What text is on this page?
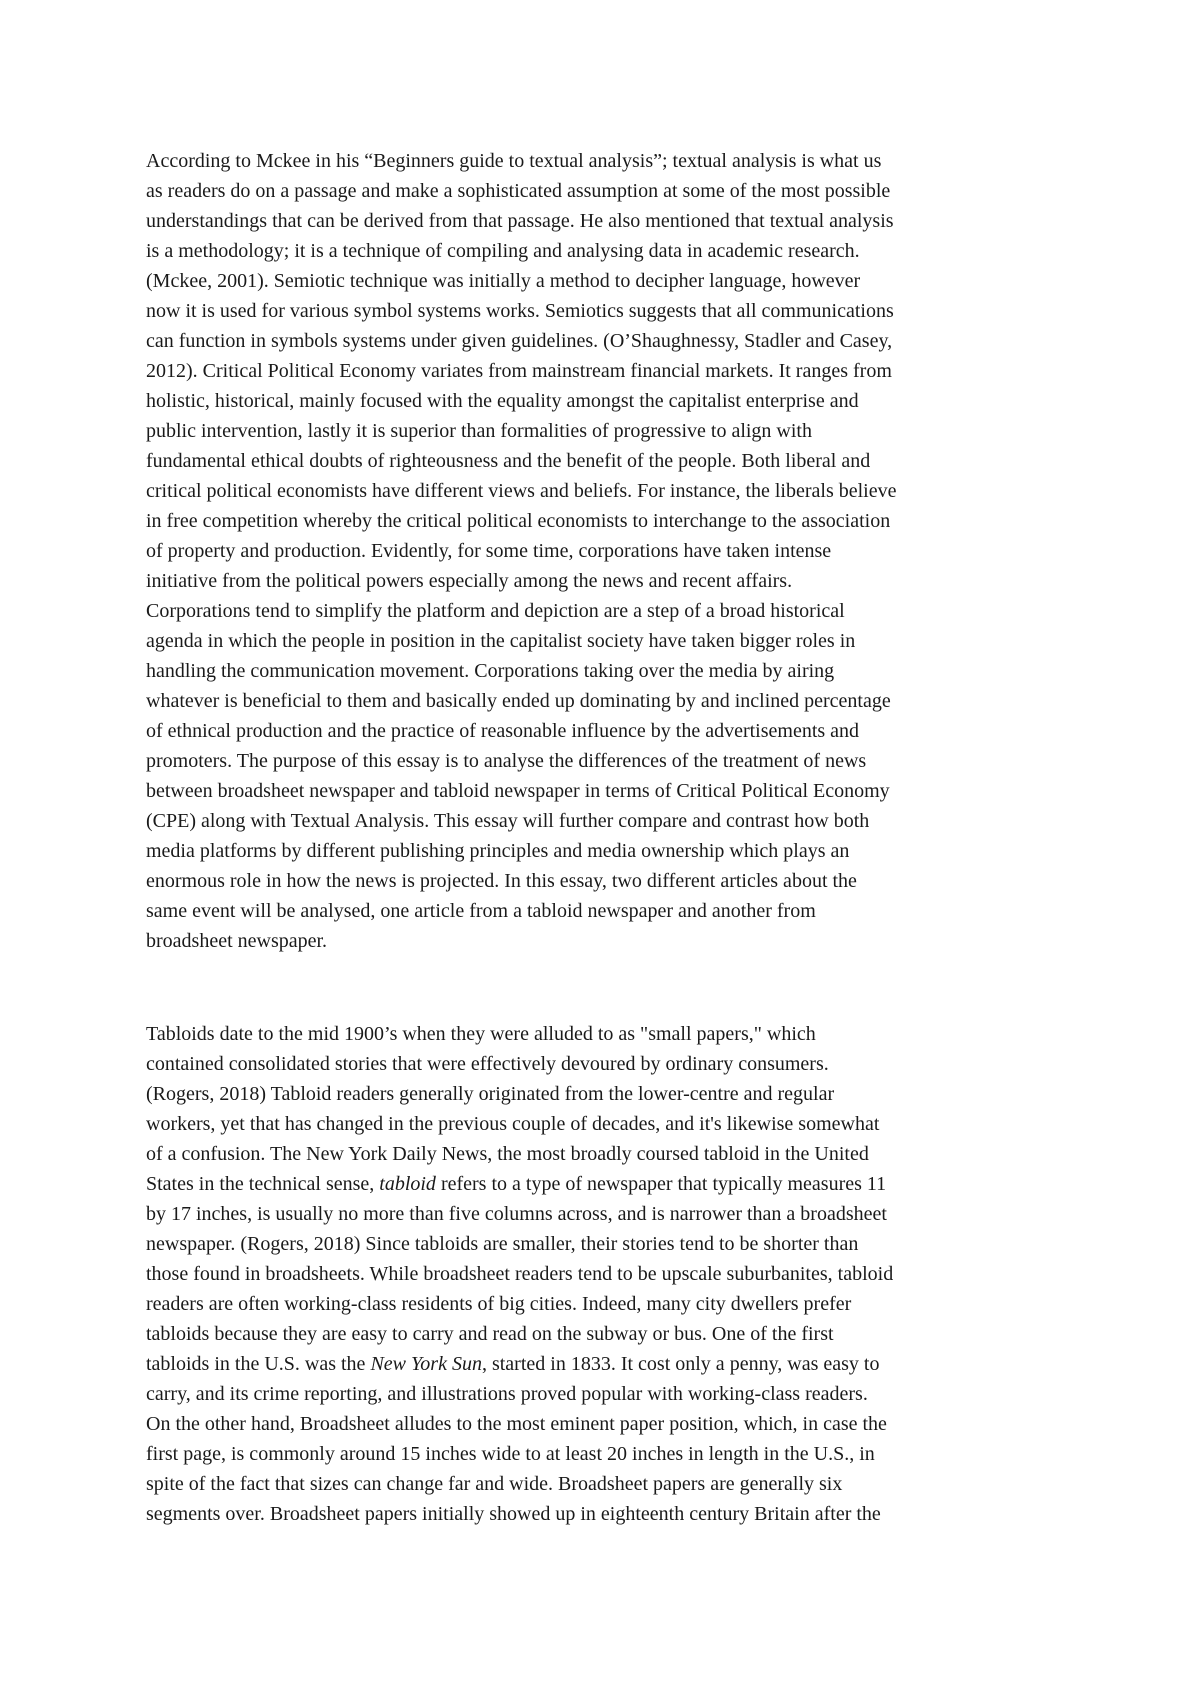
According to Mckee in his “Beginners guide to textual analysis”; textual analysis is what us
as readers do on a passage and make a sophisticated assumption at some of the most possible
understandings that can be derived from that passage. He also mentioned that textual analysis
is a methodology; it is a technique of compiling and analysing data in academic research.
(Mckee, 2001). Semiotic technique was initially a method to decipher language, however
now it is used for various symbol systems works. Semiotics suggests that all communications
can function in symbols systems under given guidelines. (O’Shaughnessy, Stadler and Casey,
2012). Critical Political Economy variates from mainstream financial markets. It ranges from
holistic, historical, mainly focused with the equality amongst the capitalist enterprise and
public intervention, lastly it is superior than formalities of progressive to align with
fundamental ethical doubts of righteousness and the benefit of the people. Both liberal and
critical political economists have different views and beliefs. For instance, the liberals believe
in free competition whereby the critical political economists to interchange to the association
of property and production. Evidently, for some time, corporations have taken intense
initiative from the political powers especially among the news and recent affairs.
Corporations tend to simplify the platform and depiction are a step of a broad historical
agenda in which the people in position in the capitalist society have taken bigger roles in
handling the communication movement. Corporations taking over the media by airing
whatever is beneficial to them and basically ended up dominating by and inclined percentage
of ethnical production and the practice of reasonable influence by the advertisements and
promoters. The purpose of this essay is to analyse the differences of the treatment of news
between broadsheet newspaper and tabloid newspaper in terms of Critical Political Economy
(CPE) along with Textual Analysis. This essay will further compare and contrast how both
media platforms by different publishing principles and media ownership which plays an
enormous role in how the news is projected. In this essay, two different articles about the
same event will be analysed, one article from a tabloid newspaper and another from
broadsheet newspaper.
Tabloids date to the mid 1900’s when they were alluded to as "small papers," which
contained consolidated stories that were effectively devoured by ordinary consumers.
(Rogers, 2018) Tabloid readers generally originated from the lower-centre and regular
workers, yet that has changed in the previous couple of decades, and it's likewise somewhat
of a confusion. The New York Daily News, the most broadly coursed tabloid in the United
States in the technical sense, tabloid refers to a type of newspaper that typically measures 11
by 17 inches, is usually no more than five columns across, and is narrower than a broadsheet
newspaper. (Rogers, 2018) Since tabloids are smaller, their stories tend to be shorter than
those found in broadsheets. While broadsheet readers tend to be upscale suburbanites, tabloid
readers are often working-class residents of big cities. Indeed, many city dwellers prefer
tabloids because they are easy to carry and read on the subway or bus. One of the first
tabloids in the U.S. was the New York Sun, started in 1833. It cost only a penny, was easy to
carry, and its crime reporting, and illustrations proved popular with working-class readers.
On the other hand, Broadsheet alludes to the most eminent paper position, which, in case the
first page, is commonly around 15 inches wide to at least 20 inches in length in the U.S., in
spite of the fact that sizes can change far and wide. Broadsheet papers are generally six
segments over. Broadsheet papers initially showed up in eighteenth century Britain after the
